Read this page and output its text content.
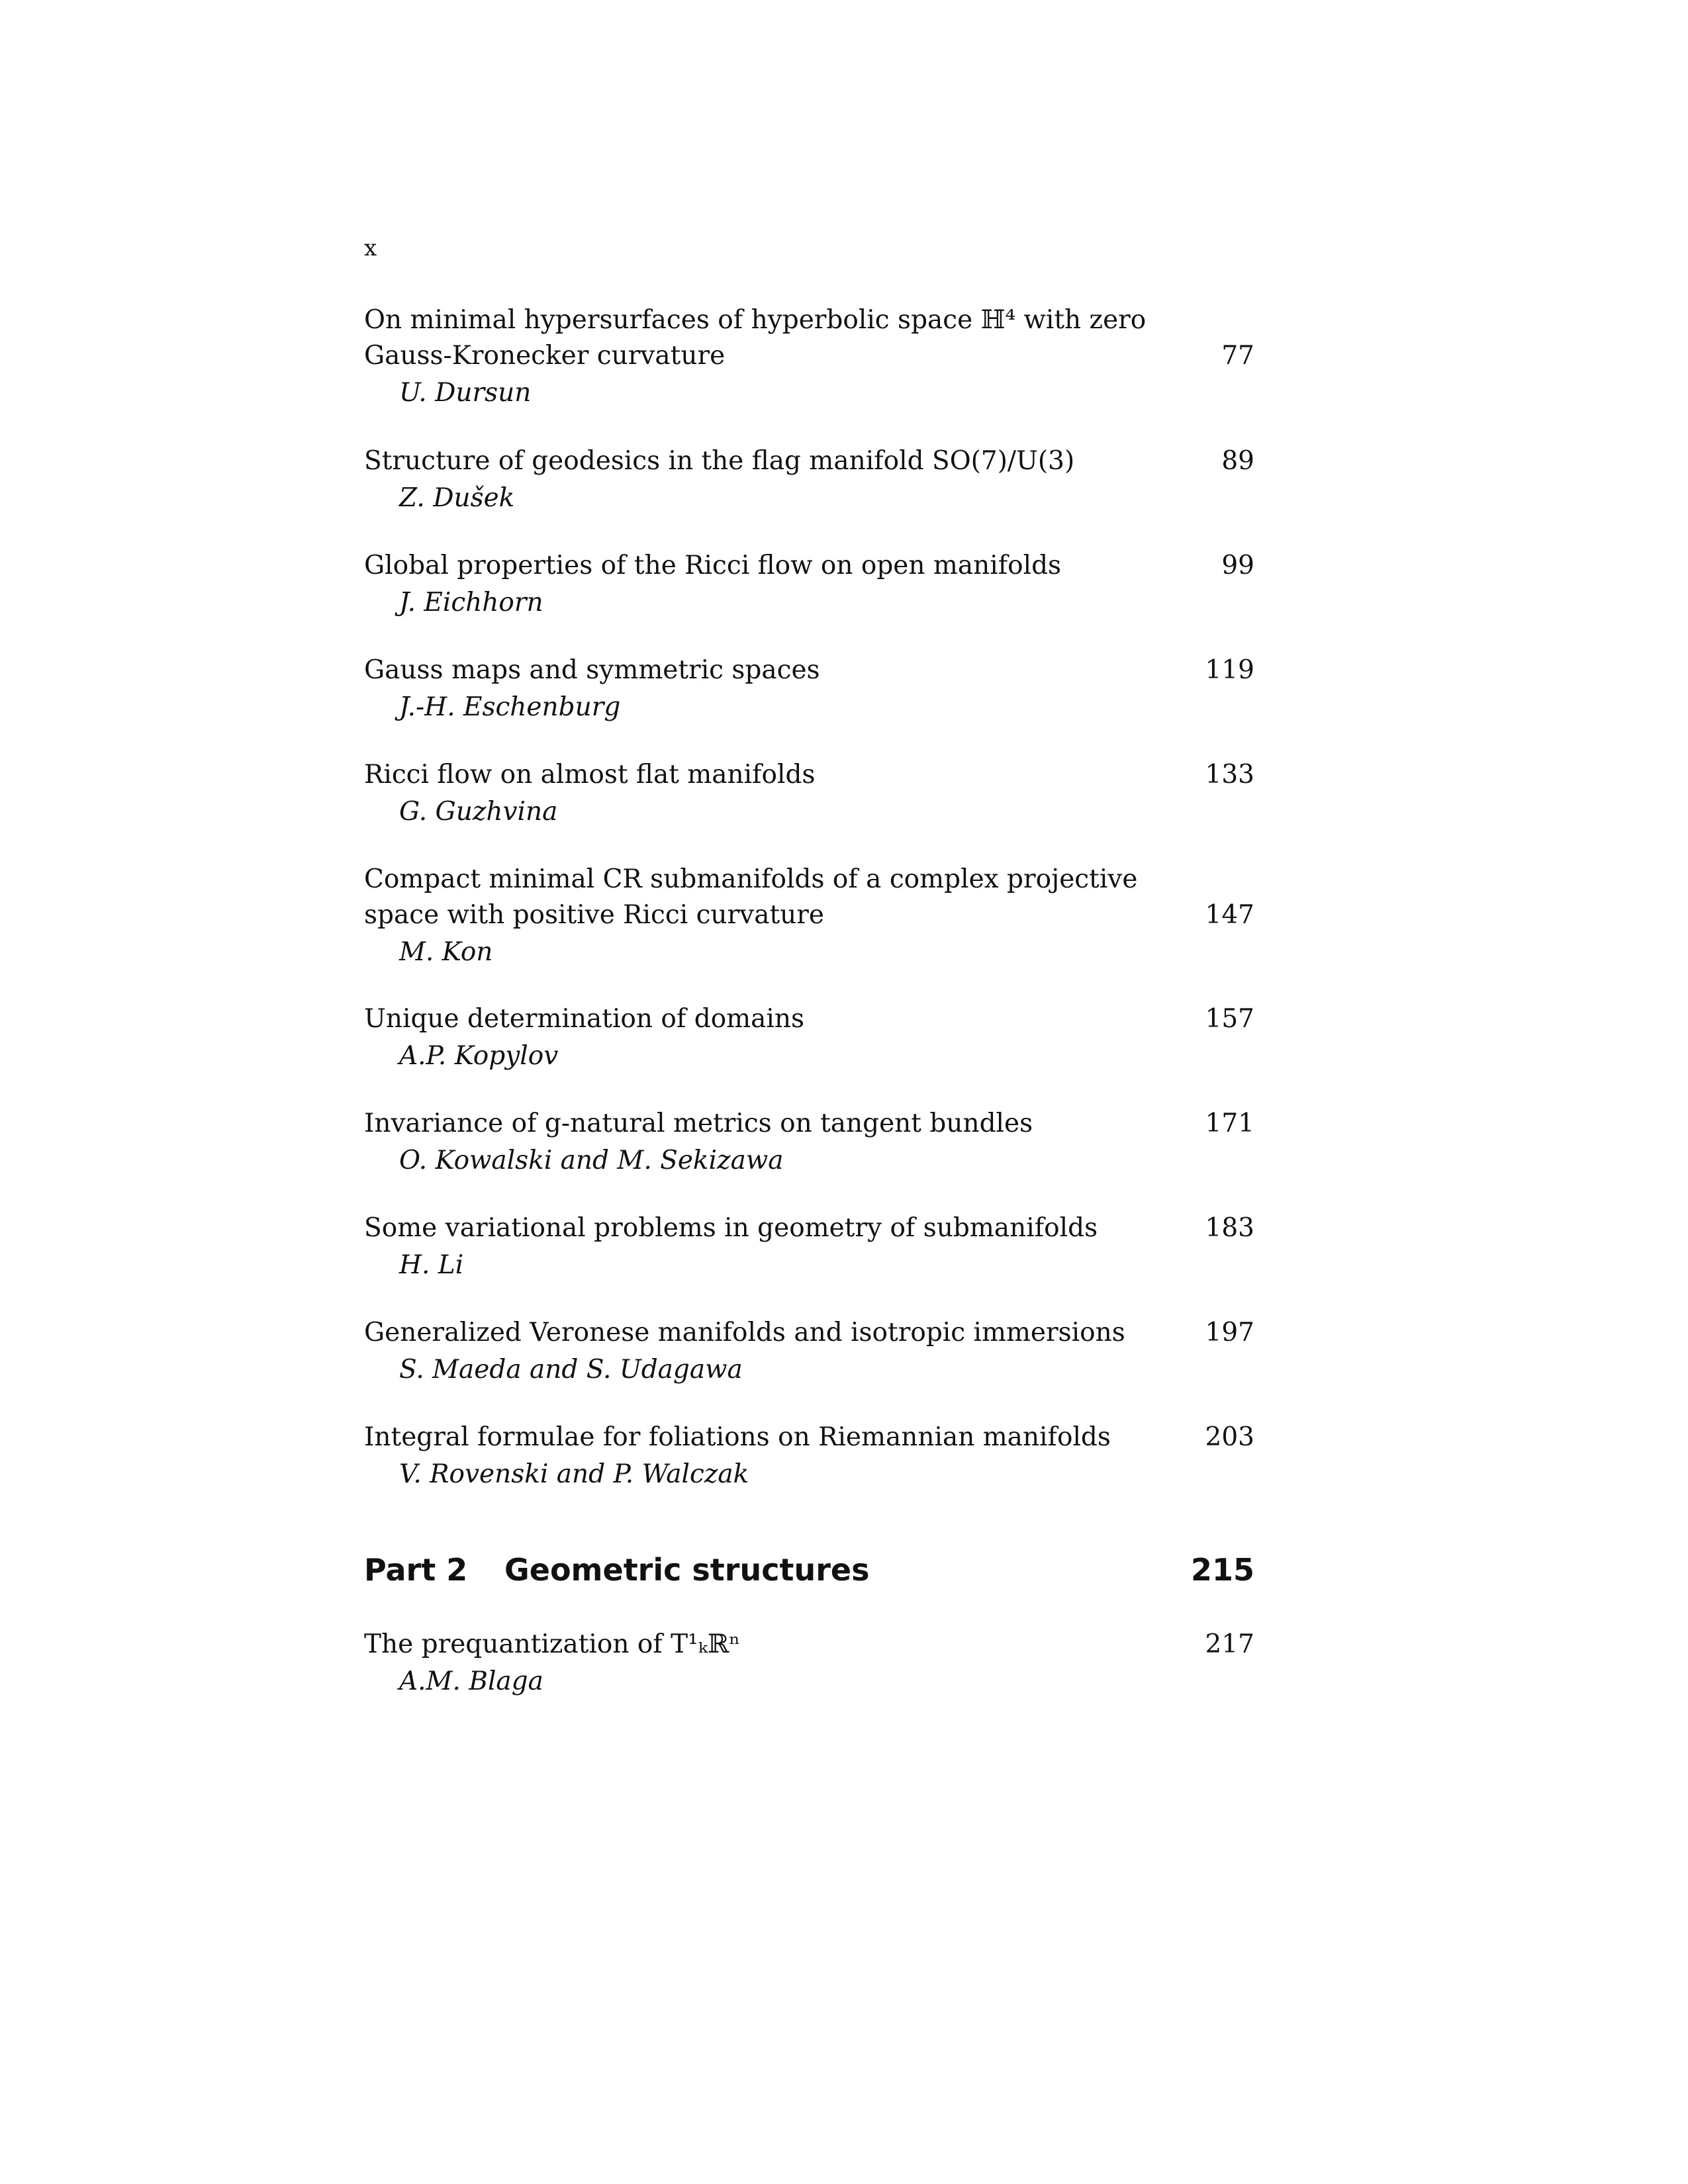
x
On minimal hypersurfaces of hyperbolic space ℍ⁴ with zero
Gauss-Kronecker curvature	77
U. Dursun
Structure of geodesics in the flag manifold SO(7)/U(3)	89
Z. Dušek
Global properties of the Ricci flow on open manifolds	99
J. Eichhorn
Gauss maps and symmetric spaces	119
J.-H. Eschenburg
Ricci flow on almost flat manifolds	133
G. Guzhvina
Compact minimal CR submanifolds of a complex projective
space with positive Ricci curvature	147
M. Kon
Unique determination of domains	157
A.P. Kopylov
Invariance of g-natural metrics on tangent bundles	171
O. Kowalski and M. Sekizawa
Some variational problems in geometry of submanifolds	183
H. Li
Generalized Veronese manifolds and isotropic immersions	197
S. Maeda and S. Udagawa
Integral formulae for foliations on Riemannian manifolds	203
V. Rovenski and P. Walczak
Part 2 Geometric structures	215
The prequantization of T¹ₖℝⁿ	217
A.M. Blaga
